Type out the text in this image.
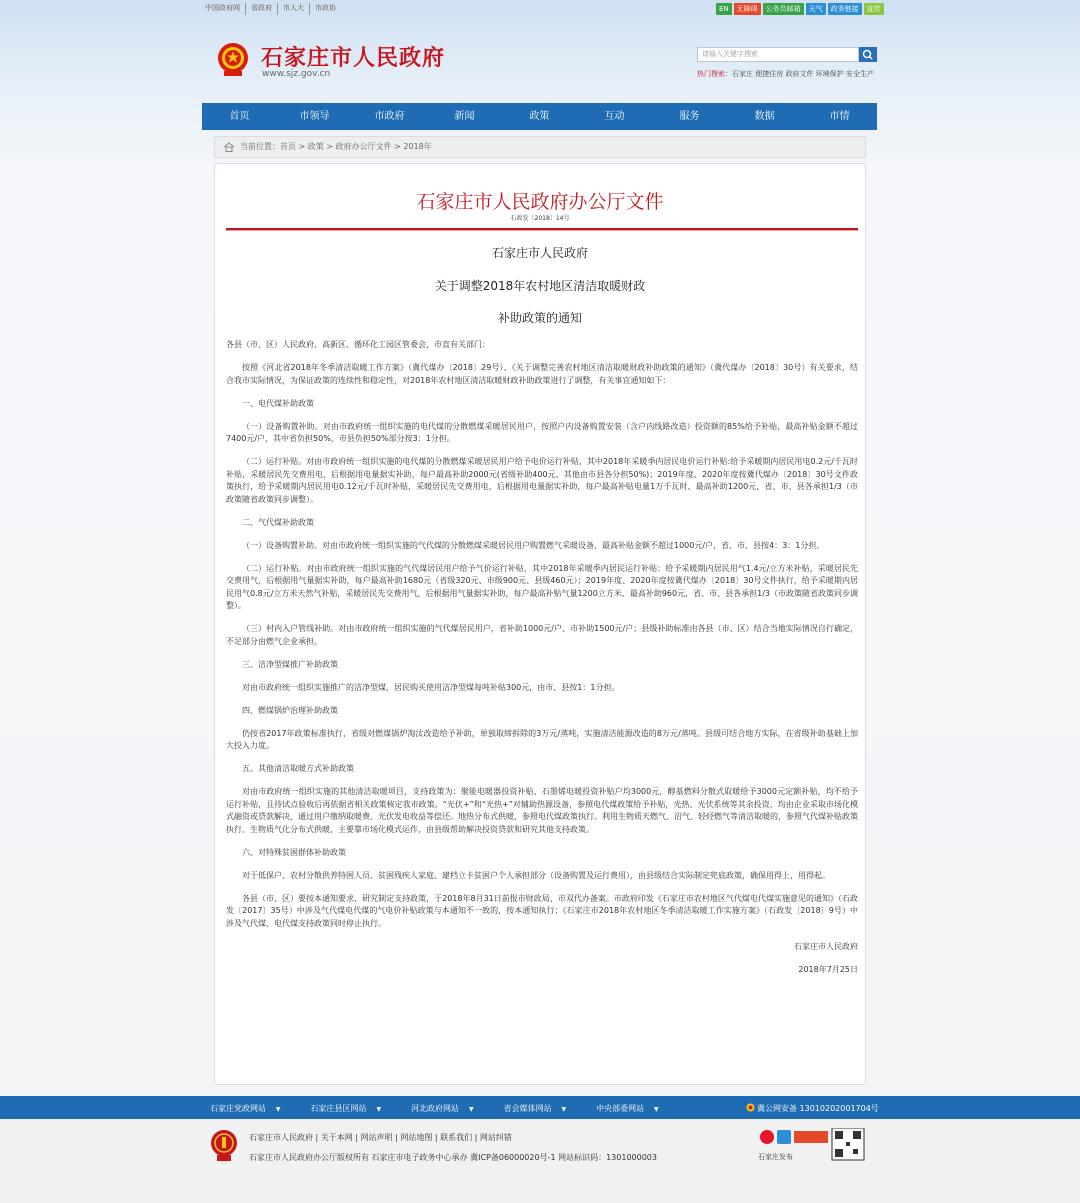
中国政府网	省政府	市人大	市政协	EN	无障碍	公务员邮箱	天气	政务链接	宣传
石家庄市人民政府
www.sjz.gov.cn
请输入关键字搜索
热门搜索：石家庄 便捷住房 政府文件 环境保护 安全生产
首页	市领导	市政府	新闻	政策	互动	服务	数据	市情
当前位置：首页 > 政策 > 政府办公厅文件 > 2018年
石家庄市人民政府办公厅文件
石政发〔2018〕14号
石家庄市人民政府
关于调整2018年农村地区清洁取暖财政
补助政策的通知

各县（市、区）人民政府，高新区、循环化工园区管委会，市直有关部门：

按照《河北省2018年冬季清洁取暖工作方案》（冀代煤办〔2018〕29号）、《关于调整完善农村地区清洁取暖财政补助政策的通知》（冀代煤办〔2018〕30号）有关要求，结合我市实际情况，为保证政策的连续性和稳定性，对2018年农村地区清洁取暖财政补助政策进行了调整，有关事宜通知如下：

一、电代煤补助政策

（一）设备购置补助。对由市政府统一组织实施的电代煤的分散燃煤采暖居民用户，按照户内设备购置安装（含户内线路改造）投资额的85%给予补贴，最高补贴金额不超过7400元/户，其中省负担50%、市县负担50%部分按3：1分担。

（二）运行补贴。对由市政府统一组织实施的电代煤的分散燃煤采暖居民用户给予电价运行补贴，其中2018年采暖季内居民电价运行补贴:给予采暖期内居民用电0.2元/千瓦时补贴，采暖居民先交费用电，后根据用电量据实补助，每户最高补助2000元(省级补助400元，其他由市县各分担50%)；2019年度、2020年度按冀代煤办〔2018〕30号文件政策执行，给予采暖期内居民用电0.12元/千瓦时补贴，采暖居民先交费用电，后根据用电量据实补助，每户最高补贴电量1万千瓦时、最高补助1200元，省、市、县各承担1/3（市政策随省政策同步调整）。

二、气代煤补助政策

（一）设备购置补助。对由市政府统一组织实施的气代煤的分散燃煤采暖居民用户购置燃气采暖设备，最高补贴金额不超过1000元/户，省、市、县按4：3：1分担。

（二）运行补贴。对由市政府统一组织实施的气代煤居民用户给予气价运行补贴，其中2018年采暖季内居民运行补贴：给予采暖期内居民用气1.4元/立方米补贴，采暖居民先交费用气，后根据用气量据实补助，每户最高补助1680元（省级320元、市级900元、县级460元）；2019年度、2020年度按冀代煤办〔2018〕30号文件执行，给予采暖期内居民用气0.8元/立方米天然气补贴，采暖居民先交费用气，后根据用气量据实补助，每户最高补贴气量1200立方米、最高补助960元，省、市、县各承担1/3（市政策随省政策同步调整）。

（三）村内入户管线补助。对由市政府统一组织实施的气代煤居民用户，省补助1000元/户、市补助1500元/户；县级补助标准由各县（市、区）结合当地实际情况自行确定，不足部分由燃气企业承担。

三、洁净型煤推广补助政策

对由市政府统一组织实施推广的洁净型煤，居民购买使用洁净型煤每吨补贴300元，由市、县按1：1分担。

四、燃煤锅炉治理补助政策

仍按省2017年政策标准执行，省级对燃煤锅炉淘汰改造给予补助，单独取缔拆除的3万元/蒸吨，实施清洁能源改造的8万元/蒸吨。县级可结合地方实际，在省级补助基础上加大投入力度。

五、其他清洁取暖方式补助政策

对由市政府统一组织实施的其他清洁取暖项目，支持政策为：聚能电暖器投资补贴、石墨烯电暖投资补贴户均3000元，醇基燃料分散式取暖给予3000元定额补贴，均不给予运行补贴，且待试点验收后再依据省相关政策核定我市政策。“光伏+”和“光热+”对辅助热源设备，参照电代煤政策给予补贴，光热、光伏系统等其余投资，均由企业采取市场化模式融资或贷款解决，通过用户缴纳取暖费、光伏发电收益等偿还。地热分布式供暖，参照电代煤政策执行。利用生物质天燃气、沼气、轻烃燃气等清洁取暖的，参照气代煤补贴政策执行。生物质气化分布式供暖，主要靠市场化模式运作，由县级帮助解决投资贷款和研究其他支持政策。

六、对特殊贫困群体补助政策

对于低保户、农村分散供养特困人员、贫困残疾人家庭、建档立卡贫困户个人承担部分（设备购置及运行费用），由县级结合实际制定兜底政策，确保用得上，用得起。

各县（市、区）要按本通知要求，研究制定支持政策，于2018年8月31日前报市财政局、市双代办备案。市政府印发《石家庄市农村地区气代煤电代煤实施意见的通知》（石政发〔2017〕35号）中涉及气代煤电代煤的气电价补贴政策与本通知不一致的，按本通知执行；《石家庄市2018年农村地区冬季清洁取暖工作实施方案》（石政发〔2018〕9号）中涉及气代煤、电代煤支持政策同时停止执行。

石家庄市人民政府

2018年7月25日

石家庄党政网站 ▼	石家庄县区网站 ▼	河北政府网站 ▼	省会媒体网站 ▼	中央部委网站 ▼	冀公网安备 13010202001704号
石家庄市人民政府 | 关于本网 | 网站声明 | 网站地图 | 联系我们 | 网站纠错
石家庄市人民政府办公厅版权所有 石家庄市电子政务中心承办 冀ICP备06000020号-1 网站标识码：1301000003	石家庄发布
